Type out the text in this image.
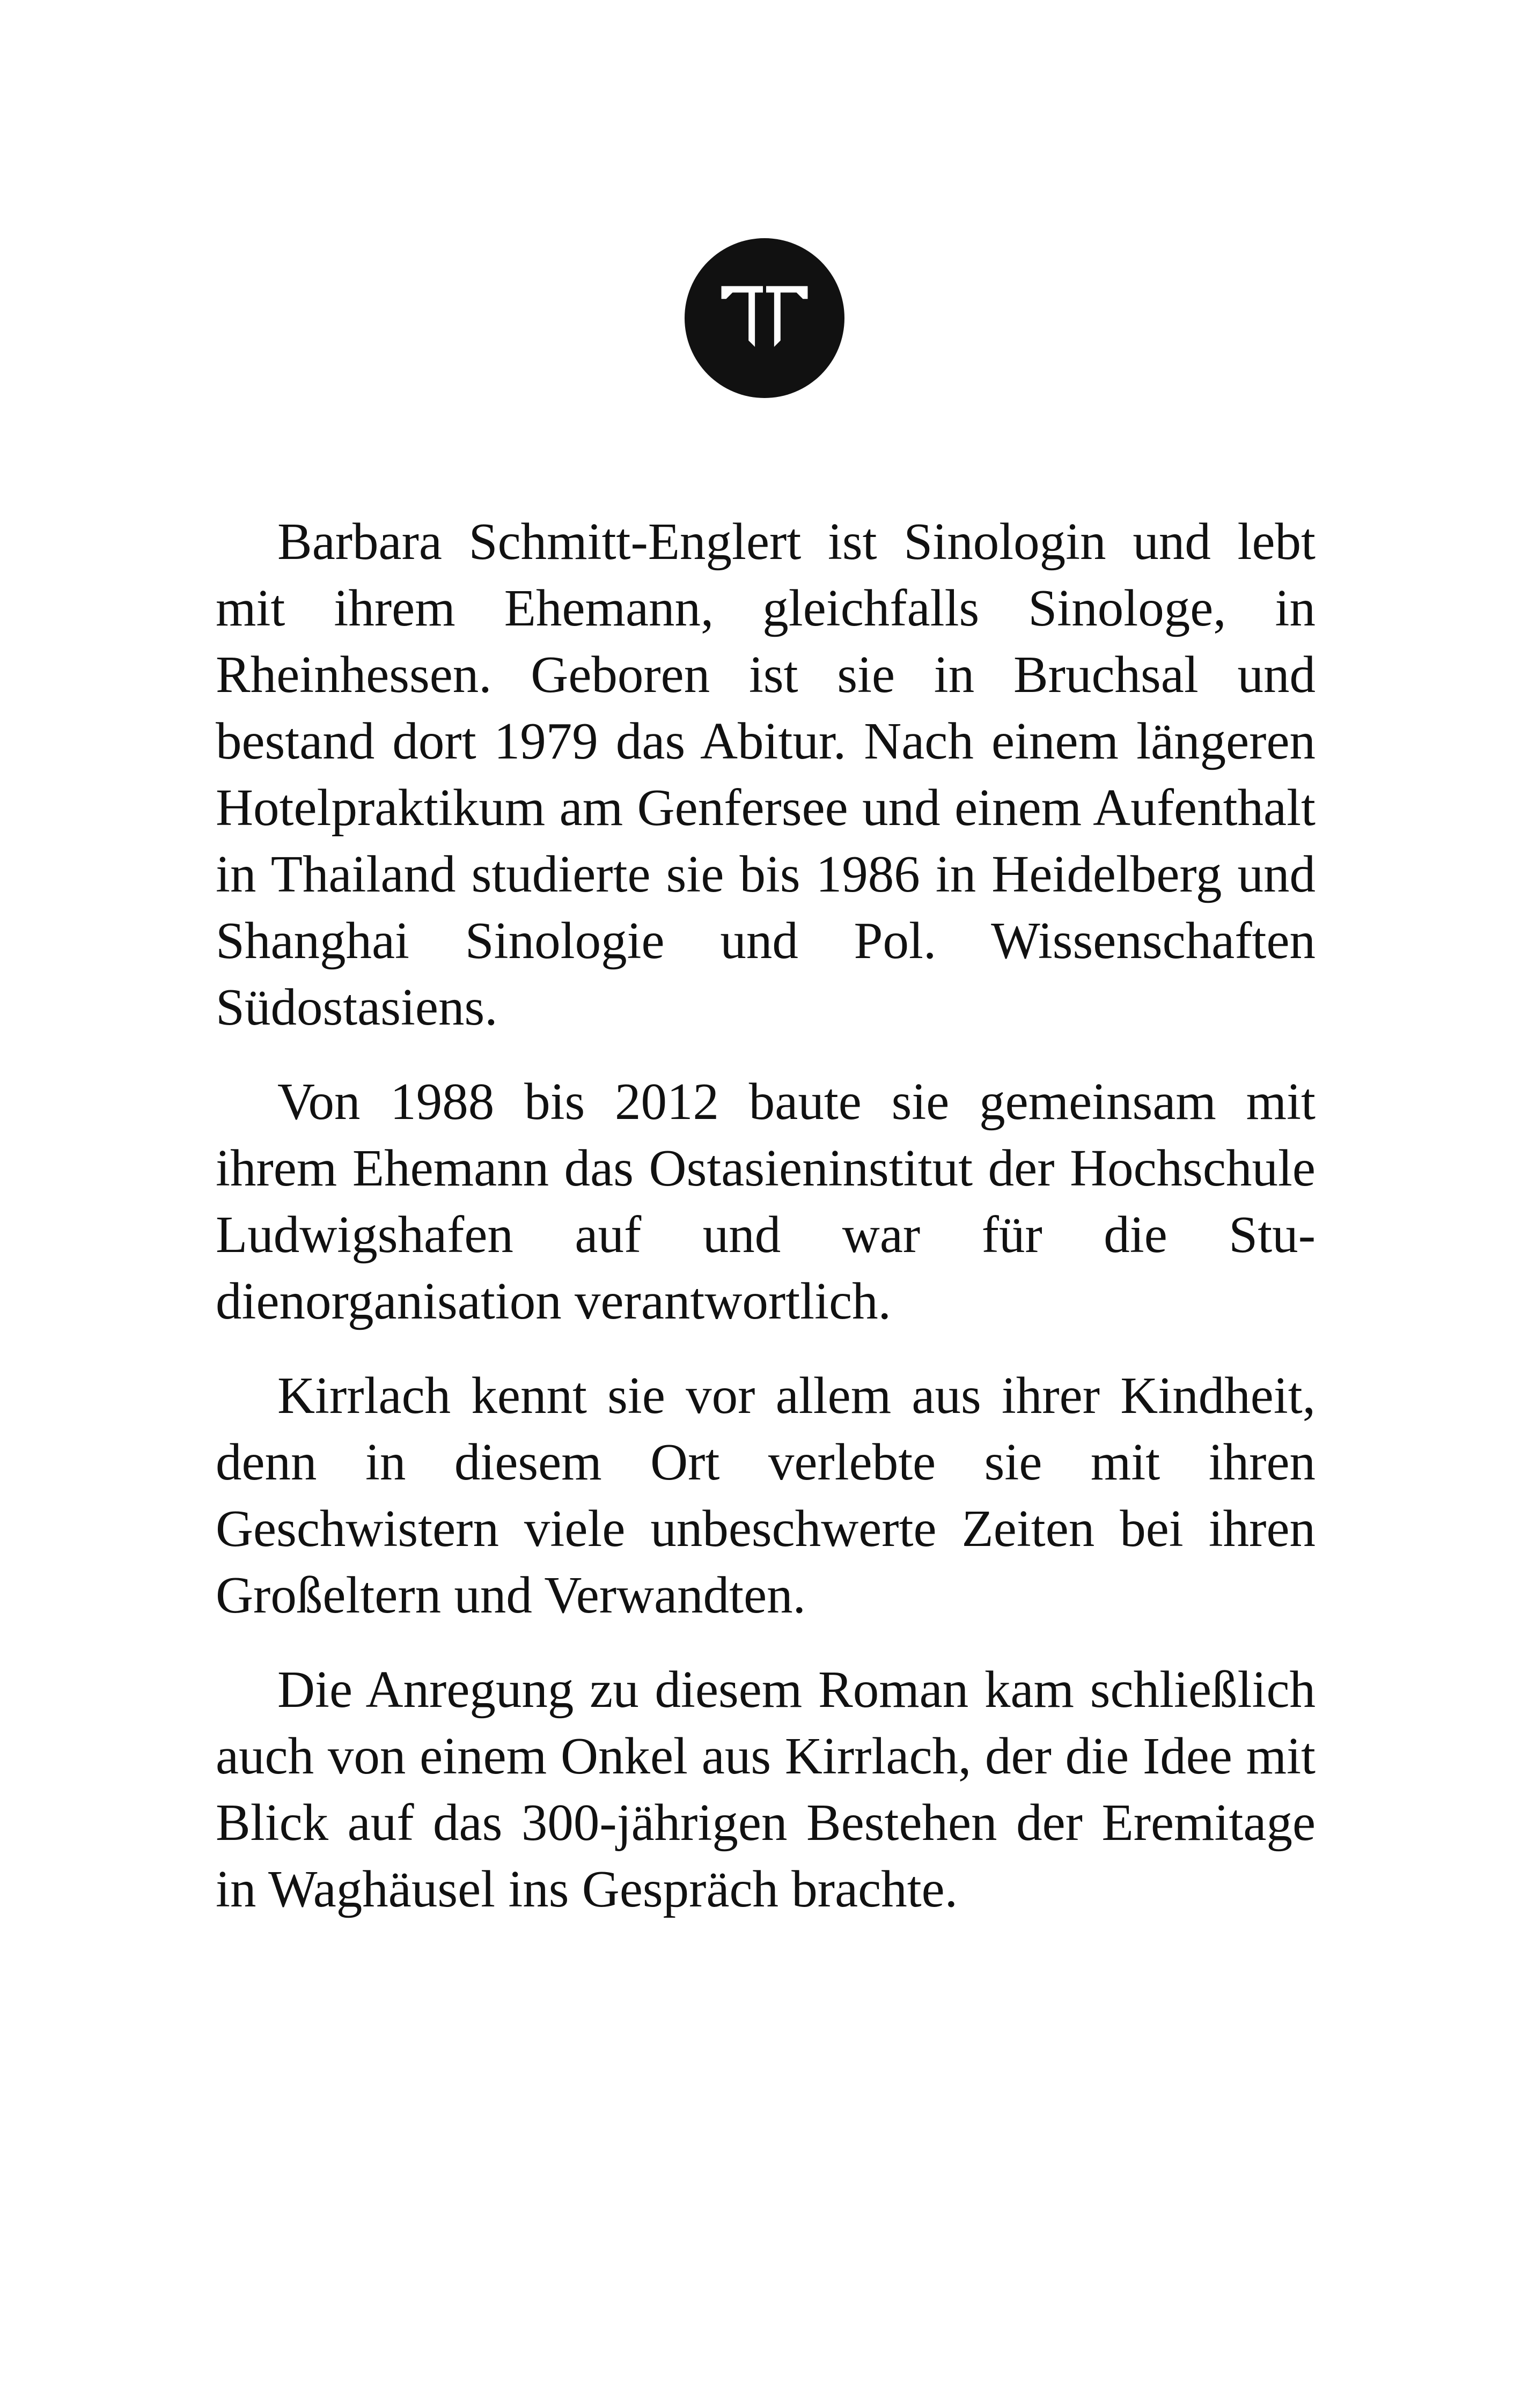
Barbara Schmitt-Englert ist Sinologin und lebt mit ihrem Ehemann, gleichfalls Sinologe, in Rheinhessen. Geboren ist sie in Bruchsal und bestand dort 1979 das Abitur. Nach einem längeren Hotelpraktikum am Genfersee und einem Aufenthalt in Thailand studierte sie bis 1986 in Heidelberg und Shanghai Sinologie und Pol. Wissenschaften Südostasiens.

Von 1988 bis 2012 baute sie gemeinsam mit ihrem Ehemann das Ostasieninstitut der Hochschule Ludwigshafen auf und war für die Studienorganisation verantwortlich.

Kirrlach kennt sie vor allem aus ihrer Kindheit, denn in diesem Ort verlebte sie mit ihren Geschwistern viele unbeschwerte Zeiten bei ihren Großeltern und Verwandten.

Die Anregung zu diesem Roman kam schließlich auch von einem Onkel aus Kirrlach, der die Idee mit Blick auf das 300-jährigen Bestehen der Eremitage in Waghäusel ins Gespräch brachte.
